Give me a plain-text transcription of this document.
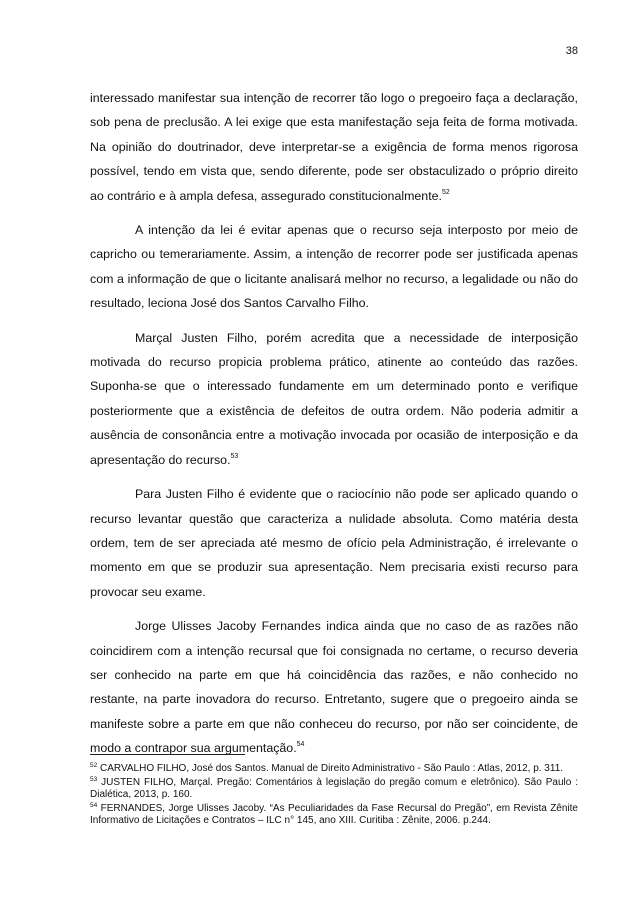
38

interessado manifestar sua intenção de recorrer tão logo o pregoeiro faça a declaração, sob pena de preclusão. A lei exige que esta manifestação seja feita de forma motivada. Na opinião do doutrinador, deve interpretar-se a exigência de forma menos rigorosa possível, tendo em vista que, sendo diferente, pode ser obstaculizado o próprio direito ao contrário e à ampla defesa, assegurado constitucionalmente.$^{52}$

A intenção da lei é evitar apenas que o recurso seja interposto por meio de capricho ou temerariamente. Assim, a intenção de recorrer pode ser justificada apenas com a informação de que o licitante analisará melhor no recurso, a legalidade ou não do resultado, leciona José dos Santos Carvalho Filho.

Marçal Justen Filho, porém acredita que a necessidade de interposição motivada do recurso propicia problema prático, atinente ao conteúdo das razões. Suponha-se que o interessado fundamente em um determinado ponto e verifique posteriormente que a existência de defeitos de outra ordem. Não poderia admitir a ausência de consonância entre a motivação invocada por ocasião de interposição e da apresentação do recurso.$^{53}$

Para Justen Filho é evidente que o raciocínio não pode ser aplicado quando o recurso levantar questão que caracteriza a nulidade absoluta. Como matéria desta ordem, tem de ser apreciada até mesmo de ofício pela Administração, é irrelevante o momento em que se produzir sua apresentação. Nem precisaria existi recurso para provocar seu exame.

Jorge Ulisses Jacoby Fernandes indica ainda que no caso de as razões não coincidirem com a intenção recursal que foi consignada no certame, o recurso deveria ser conhecido na parte em que há coincidência das razões, e não conhecido no restante, na parte inovadora do recurso. Entretanto, sugere que o pregoeiro ainda se manifeste sobre a parte em que não conheceu do recurso, por não ser coincidente, de modo a contrapor sua argumentação.$^{54}$

$^{52}$ CARVALHO FILHO, José dos Santos. Manual de Direito Administrativo - São Paulo : Atlas, 2012, p. 311.

$^{53}$ JUSTEN FILHO, Marçal. Pregão: Comentários à legislação do pregão comum e eletrônico). São Paulo : Dialética, 2013, p. 160.

$^{54}$ FERNANDES, Jorge Ulisses Jacoby. “As Peculiaridades da Fase Recursal do Pregão”, em Revista Zênite Informativo de Licitações e Contratos – ILC n° 145, ano XIII. Curitiba : Zênite, 2006. p.244.
